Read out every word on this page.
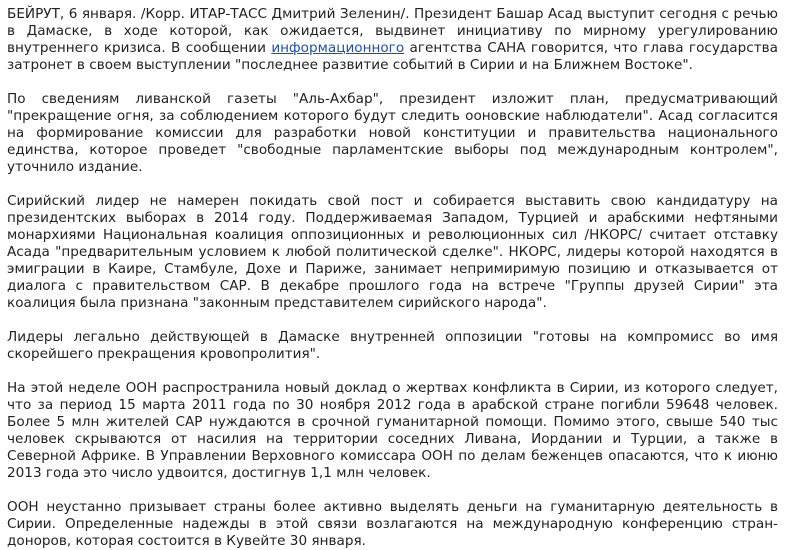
БЕЙРУТ, 6 января. /Корр. ИТАР-ТАСС Дмитрий Зеленин/. Президент Башар Асад выступит сегодня с речью в Дамаске, в ходе которой, как ожидается, выдвинет инициативу по мирному урегулированию внутреннего кризиса. В сообщении информационного агентства САНА говорится, что глава государства затронет в своем выступлении "последнее развитие событий в Сирии и на Ближнем Востоке".

По сведениям ливанской газеты "Аль-Ахбар", президент изложит план, предусматривающий "прекращение огня, за соблюдением которого будут следить ооновские наблюдатели". Асад согласится на формирование комиссии для разработки новой конституции и правительства национального единства, которое проведет "свободные парламентские выборы под международным контролем", уточнило издание.

Сирийский лидер не намерен покидать свой пост и собирается выставить свою кандидатуру на президентских выборах в 2014 году. Поддерживаемая Западом, Турцией и арабскими нефтяными монархиями Национальная коалиция оппозиционных и революционных сил /НКОРС/ считает отставку Асада "предварительным условием к любой политической сделке". НКОРС, лидеры которой находятся в эмиграции в Каире, Стамбуле, Дохе и Париже, занимает непримиримую позицию и отказывается от диалога с правительством САР. В декабре прошлого года на встрече "Группы друзей Сирии" эта коалиция была признана "законным представителем сирийского народа".

Лидеры легально действующей в Дамаске внутренней оппозиции "готовы на компромисс во имя скорейшего прекращения кровопролития".

На этой неделе ООН распространила новый доклад о жертвах конфликта в Сирии, из которого следует, что за период 15 марта 2011 года по 30 ноября 2012 года в арабской стране погибли 59648 человек. Более 5 млн жителей САР нуждаются в срочной гуманитарной помощи. Помимо этого, свыше 540 тыс человек скрываются от насилия на территории соседних Ливана, Иордании и Турции, а также в Северной Африке. В Управлении Верховного комиссара ООН по делам беженцев опасаются, что к июню 2013 года это число удвоится, достигнув 1,1 млн человек.

ООН неустанно призывает страны более активно выделять деньги на гуманитарную деятельность в Сирии. Определенные надежды в этой связи возлагаются на международную конференцию стран-доноров, которая состоится в Кувейте 30 января.
